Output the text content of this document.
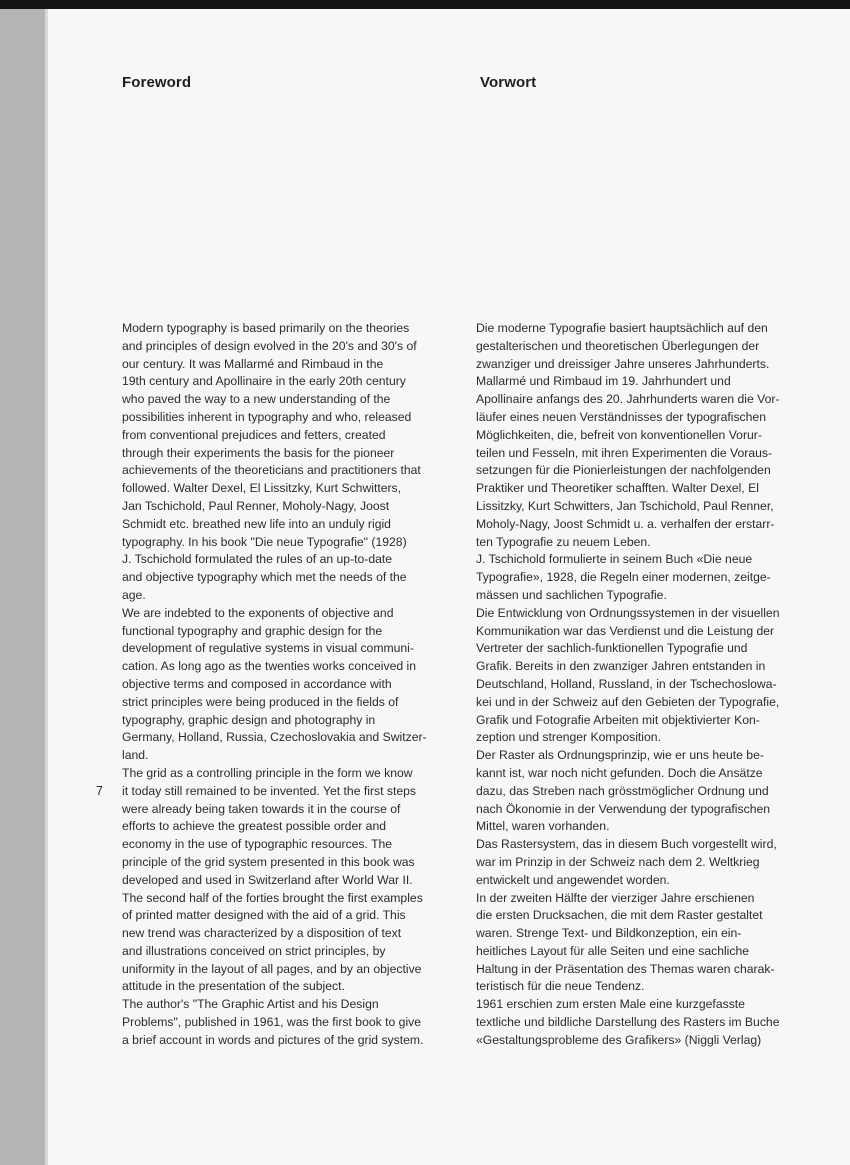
Foreword	Vorwort
7
Modern typography is based primarily on the theories
and principles of design evolved in the 20's and 30's of
our century. It was Mallarmé and Rimbaud in the
19th century and Apollinaire in the early 20th century
who paved the way to a new understanding of the
possibilities inherent in typography and who, released
from conventional prejudices and fetters, created
through their experiments the basis for the pioneer
achievements of the theoreticians and practitioners that
followed. Walter Dexel, El Lissitzky, Kurt Schwitters,
Jan Tschichold, Paul Renner, Moholy-Nagy, Joost
Schmidt etc. breathed new life into an unduly rigid
typography. In his book "Die neue Typografie" (1928)
J. Tschichold formulated the rules of an up-to-date
and objective typography which met the needs of the
age.
We are indebted to the exponents of objective and
functional typography and graphic design for the
development of regulative systems in visual communi-
cation. As long ago as the twenties works conceived in
objective terms and composed in accordance with
strict principles were being produced in the fields of
typography, graphic design and photography in
Germany, Holland, Russia, Czechoslovakia and Switzer-
land.
The grid as a controlling principle in the form we know
it today still remained to be invented. Yet the first steps
were already being taken towards it in the course of
efforts to achieve the greatest possible order and
economy in the use of typographic resources. The
principle of the grid system presented in this book was
developed and used in Switzerland after World War II.
The second half of the forties brought the first examples
of printed matter designed with the aid of a grid. This
new trend was characterized by a disposition of text
and illustrations conceived on strict principles, by
uniformity in the layout of all pages, and by an objective
attitude in the presentation of the subject.
The author's "The Graphic Artist and his Design
Problems", published in 1961, was the first book to give
a brief account in words and pictures of the grid system.
Die moderne Typografie basiert hauptsächlich auf den
gestalterischen und theoretischen Überlegungen der
zwanziger und dreissiger Jahre unseres Jahrhunderts.
Mallarmé und Rimbaud im 19. Jahrhundert und
Apollinaire anfangs des 20. Jahrhunderts waren die Vor-
läufer eines neuen Verständnisses der typografischen
Möglichkeiten, die, befreit von konventionellen Vorur-
teilen und Fesseln, mit ihren Experimenten die Voraus-
setzungen für die Pionierleistungen der nachfolgenden
Praktiker und Theoretiker schafften. Walter Dexel, El
Lissitzky, Kurt Schwitters, Jan Tschichold, Paul Renner,
Moholy-Nagy, Joost Schmidt u. a. verhalfen der erstarr-
ten Typografie zu neuem Leben.
J. Tschichold formulierte in seinem Buch «Die neue
Typografie», 1928, die Regeln einer modernen, zeitge-
mässen und sachlichen Typografie.
Die Entwicklung von Ordnungssystemen in der visuellen
Kommunikation war das Verdienst und die Leistung der
Vertreter der sachlich-funktionellen Typografie und
Grafik. Bereits in den zwanziger Jahren entstanden in
Deutschland, Holland, Russland, in der Tschechoslowa-
kei und in der Schweiz auf den Gebieten der Typografie,
Grafik und Fotografie Arbeiten mit objektivierter Kon-
zeption und strenger Komposition.
Der Raster als Ordnungsprinzip, wie er uns heute be-
kannt ist, war noch nicht gefunden. Doch die Ansätze
dazu, das Streben nach grösstmöglicher Ordnung und
nach Ökonomie in der Verwendung der typografischen
Mittel, waren vorhanden.
Das Rastersystem, das in diesem Buch vorgestellt wird,
war im Prinzip in der Schweiz nach dem 2. Weltkrieg
entwickelt und angewendet worden.
In der zweiten Hälfte der vierziger Jahre erschienen
die ersten Drucksachen, die mit dem Raster gestaltet
waren. Strenge Text- und Bildkonzeption, ein ein-
heitliches Layout für alle Seiten und eine sachliche
Haltung in der Präsentation des Themas waren charak-
teristisch für die neue Tendenz.
1961 erschien zum ersten Male eine kurzgefasste
textliche und bildliche Darstellung des Rasters im Buche
«Gestaltungsprobleme des Grafikers» (Niggli Verlag)
